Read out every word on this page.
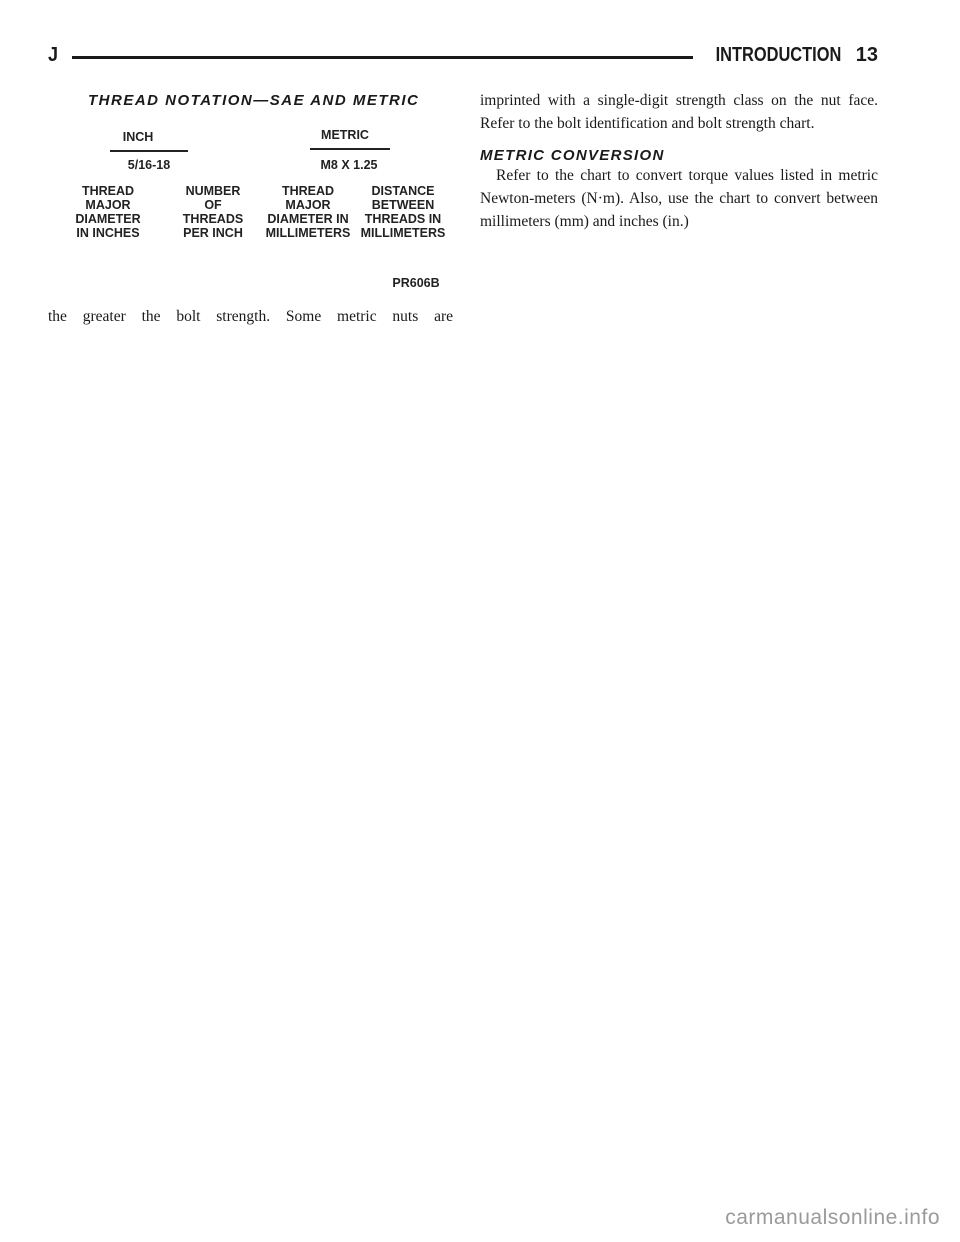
J	INTRODUCTION 13
THREAD NOTATION—SAE AND METRIC
INCH
5/16-18
METRIC
M8 X 1.25
THREAD
MAJOR
DIAMETER
IN INCHES
NUMBER
OF
THREADS
PER INCH
THREAD
MAJOR
DIAMETER IN
MILLIMETERS
DISTANCE
BETWEEN
THREADS IN
MILLIMETERS
PR606B
the greater the bolt strength. Some metric nuts are

imprinted with a single-digit strength class on the nut face. Refer to the bolt identification and bolt strength chart.

METRIC CONVERSION

Refer to the chart to convert torque values listed in metric Newton-meters (N·m). Also, use the chart to convert between millimeters (mm) and inches (in.)

carmanualsonline.info
